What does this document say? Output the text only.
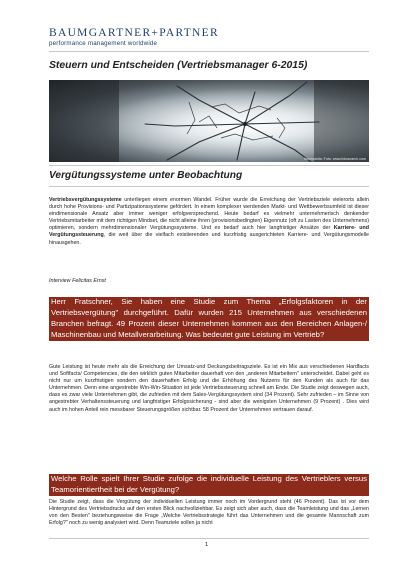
BAUMGARTNER+PARTNER
performance management worldwide
Steuern und Entscheiden (Vertriebsmanager 6-2015)
foto/nutella: Foto: www.fotosearch.com
Vergütungssysteme unter Beobachtung

Vertriebsvergütungssysteme unterliegen einem enormen Wandel. Früher wurde die Erreichung der Vertriebsziele vielerorts allein durch hohe Provisions- und Partizipationssysteme gefördert. In einem komplexer werdenden Markt- und Wettbewerbsumfeld ist dieser eindimensionale Ansatz aber immer weniger erfolgversprechend. Heute bedarf es vielmehr unternehmerisch denkender Vertriebsmitarbeiter mit dem richtigen Mindset, die nicht alleine ihren (provisionsbedingten) Eigennutz (oft zu Lasten des Unternehmens) optimieren, sondern mehrdimensionaler Vergütungssysteme. Und es bedarf auch hier langfristiger Ansätze der Karriere- und Vergütungssteuerung, die weit über die vielfach existierenden und kurzfristig ausgerichteten Karriere- und Vergütungsmodelle hinausgehen.

Interview Felicitas Ernst

Herr Fratschner, Sie haben eine Studie zum Thema „Erfolgsfaktoren in der Vertriebsvergütung" durchgeführt. Dafür wurden 215 Unternehmen aus verschiedenen Branchen befragt. 49 Prozent dieser Unternehmen kommen aus den Bereichen Anlagen-/ Maschinenbau und Metallverarbeitung. Was bedeutet gute Leistung im Vertrieb?

Gute Leistung ist heute mehr als die Erreichung der Umsatz-und Deckungsbeitragsziele. Es ist ein Mix aus verschiedenen Hardfacts und Softfacts/ Competencies, die den wirklich guten Mitarbeiter dauerhaft von den „anderen Mitarbeitern" unterscheidet. Dabei geht es nicht nur um kurzfristigen sondern den dauerhaften Erfolg und die Erhöhung des Nutzens für den Kunden als auch für das Unternehmen. Denn eine angestrebte Win-Win-Situation ist jede Vertriebssteuerung schnell am Ende. Die Studie zeigt deswegen auch, dass es zwar viele Unternehmen gibt, die zufrieden mit dem Sales-Vergütungssystem sind (34 Prozent). Sehr zufrieden – im Sinne von angestrebter Verhaltenssteuerung und langfristiger Erfolgssicherung - sind aber die wenigsten Unternehmen (9 Prozent) . Dies wird auch im hohen Anteil rein messbarer Steuerungsgrößen sichtbar. 58 Prozent der Unternehmen vertrauen darauf.

Welche Rolle spielt Ihrer Studie zufolge die individuelle Leistung des Vertrieblers versus Teamorientiertheit bei der Vergütung?

Die Studie zeigt, dass die Vergütung der individuellen Leistung immer noch im Vordergrund steht (46 Prozent). Das ist vor dem Hintergrund des Vertriebsdrucks auf den ersten Blick nachvollziehbar. Es zeigt sich aber auch, dass die Teamleistung und das „Lernen von den Besten" beziehungsweise die Frage „Welche Vertriebsstrategie führt das Unternehmen und die gesamte Mannschaft zum Erfolg?" noch zu wenig analysiert wird. Denn Teamziele sollen ja nicht

1
